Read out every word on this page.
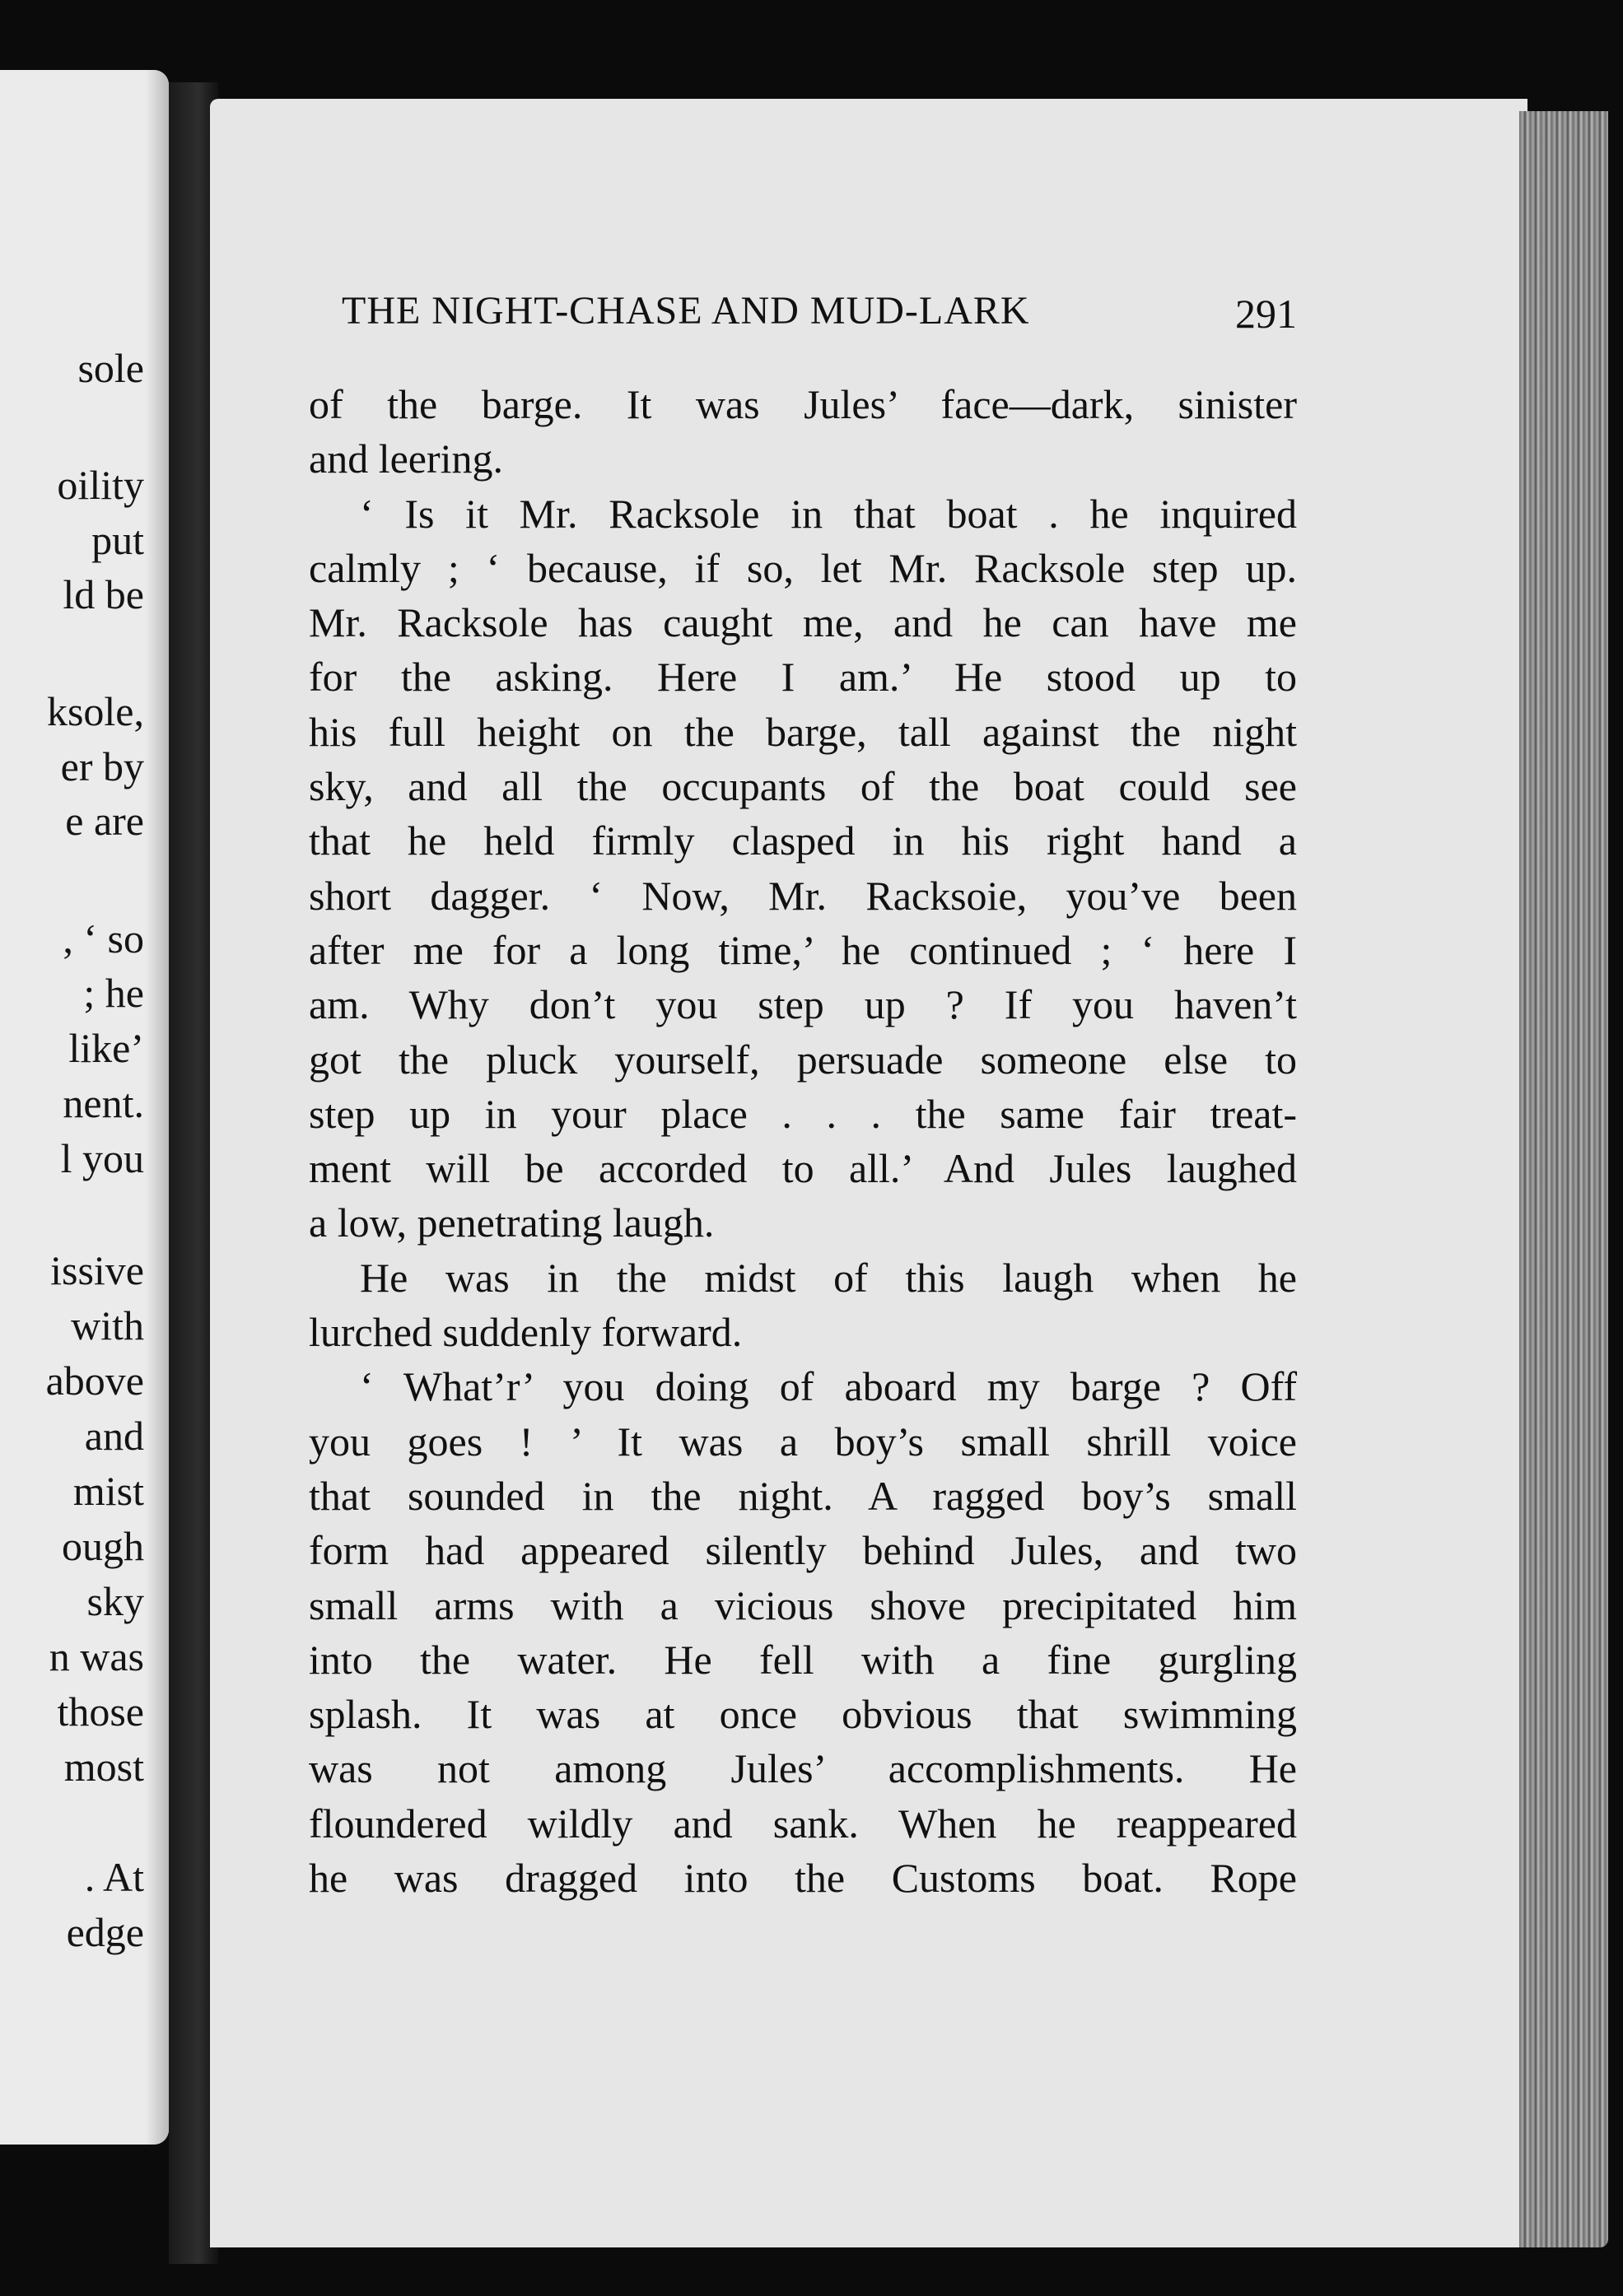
sole
oility
put
ld be
ksole,
er by
e are
, ‘ so
; he
like’
nent.
l you
issive
with
above
and
mist
ough
sky
n was
those
most
. At
edge
THE NIGHT-CHASE AND MUD-LARK	291
of the barge. It was Jules’ face—dark, sinister
and leering.
‘ Is it Mr. Racksole in that boat . he inquired
calmly ; ‘ because, if so, let Mr. Racksole step up.
Mr. Racksole has caught me, and he can have me
for the asking. Here I am.’ He stood up to
his full height on the barge, tall against the night
sky, and all the occupants of the boat could see
that he held firmly clasped in his right hand a
short dagger. ‘ Now, Mr. Racksoie, you’ve been
after me for a long time,’ he continued ; ‘ here I
am. Why don’t you step up ? If you haven’t
got the pluck yourself, persuade someone else to
step up in your place . . . the same fair treat-
ment will be accorded to all.’ And Jules laughed
a low, penetrating laugh.
He was in the midst of this laugh when he
lurched suddenly forward.
‘ What’r’ you doing of aboard my barge ? Off
you goes ! ’ It was a boy’s small shrill voice
that sounded in the night. A ragged boy’s small
form had appeared silently behind Jules, and two
small arms with a vicious shove precipitated him
into the water. He fell with a fine gurgling
splash. It was at once obvious that swimming
was not among Jules’ accomplishments. He
floundered wildly and sank. When he reappeared
he was dragged into the Customs boat. Rope
